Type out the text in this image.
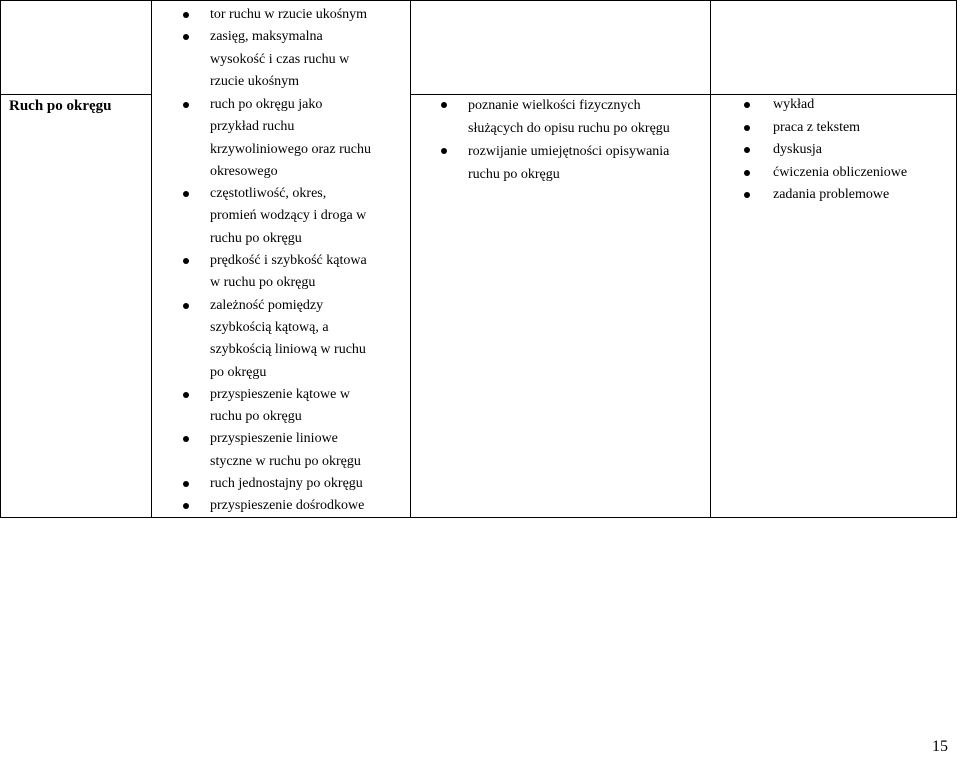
Ruch po okręgu
tor ruchu w rzucie ukośnym
zasięg, maksymalna
wysokość i czas ruchu w
rzucie ukośnym
ruch po okręgu jako
przykład ruchu
krzywoliniowego oraz ruchu
okresowego
częstotliwość, okres,
promień wodzący i droga w
ruchu po okręgu
prędkość i szybkość kątowa
w ruchu po okręgu
zależność pomiędzy
szybkością kątową, a
szybkością liniową w ruchu
po okręgu
przyspieszenie kątowe w
ruchu po okręgu
przyspieszenie liniowe
styczne w ruchu po okręgu
ruch jednostajny po okręgu
przyspieszenie dośrodkowe
poznanie wielkości fizycznych
służących do opisu ruchu po okręgu
rozwijanie umiejętności opisywania
ruchu po okręgu
wykład
praca z tekstem
dyskusja
ćwiczenia obliczeniowe
zadania problemowe
15
